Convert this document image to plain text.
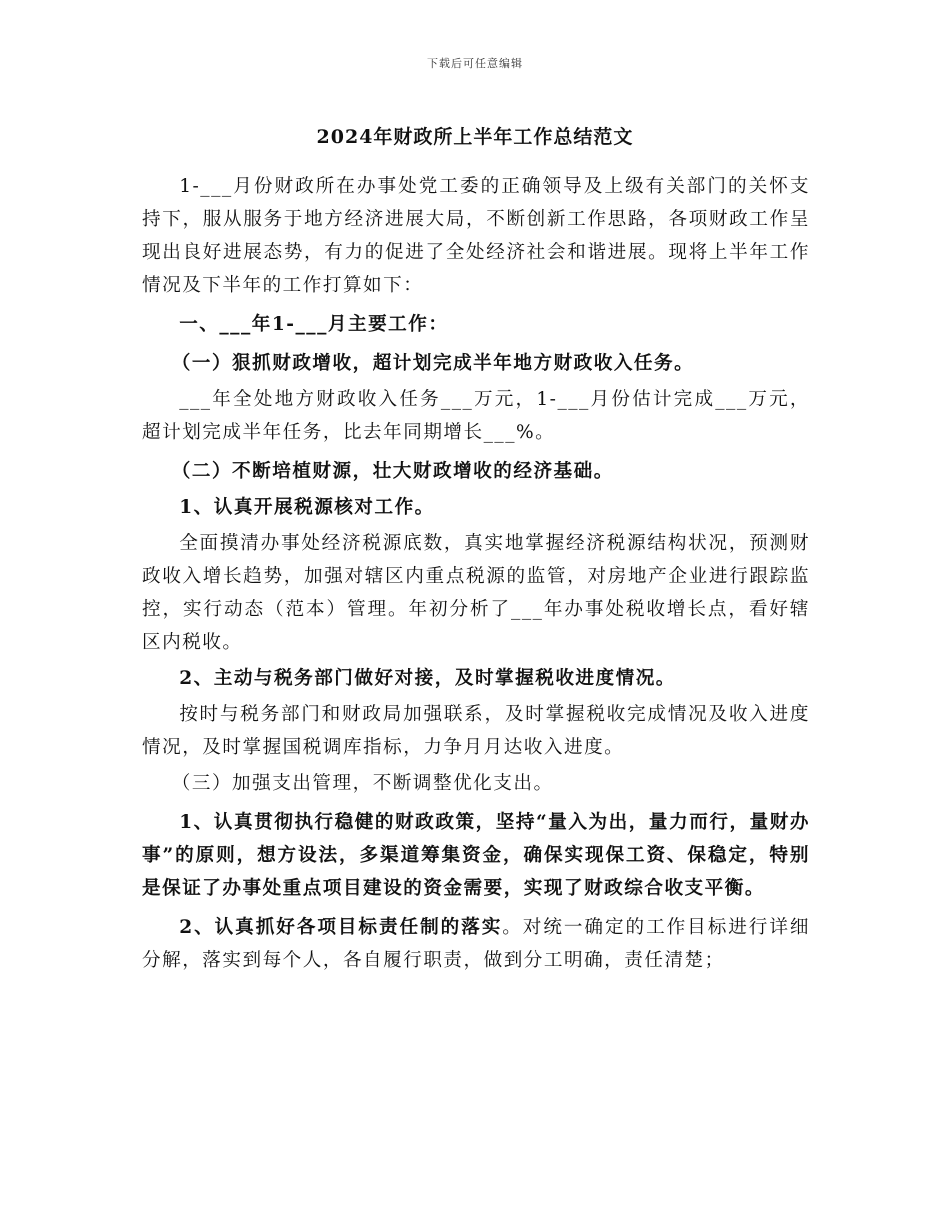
下载后可任意编辑
2024年财政所上半年工作总结范文

1-___月份财政所在办事处党工委的正确领导及上级有关部门的关怀支持下，服从服务于地方经济进展大局，不断创新工作思路，各项财政工作呈现出良好进展态势，有力的促进了全处经济社会和谐进展。现将上半年工作情况及下半年的工作打算如下：

一、___年1-___月主要工作：

（一）狠抓财政增收，超计划完成半年地方财政收入任务。

___年全处地方财政收入任务___万元，1-___月份估计完成___万元，超计划完成半年任务，比去年同期增长___%。

（二）不断培植财源，壮大财政增收的经济基础。

1、认真开展税源核对工作。

全面摸清办事处经济税源底数，真实地掌握经济税源结构状况，预测财政收入增长趋势，加强对辖区内重点税源的监管，对房地产企业进行跟踪监控，实行动态（范本）管理。年初分析了___年办事处税收增长点，看好辖区内税收。

2、主动与税务部门做好对接，及时掌握税收进度情况。

按时与税务部门和财政局加强联系，及时掌握税收完成情况及收入进度情况，及时掌握国税调库指标，力争月月达收入进度。

（三）加强支出管理，不断调整优化支出。

1、认真贯彻执行稳健的财政政策，坚持“量入为出，量力而行，量财办事”的原则，想方设法，多渠道筹集资金，确保实现保工资、保稳定，特别是保证了办事处重点项目建设的资金需要，实现了财政综合收支平衡。

2、认真抓好各项目标责任制的落实。对统一确定的工作目标进行详细分解，落实到每个人，各自履行职责，做到分工明确，责任清楚；
